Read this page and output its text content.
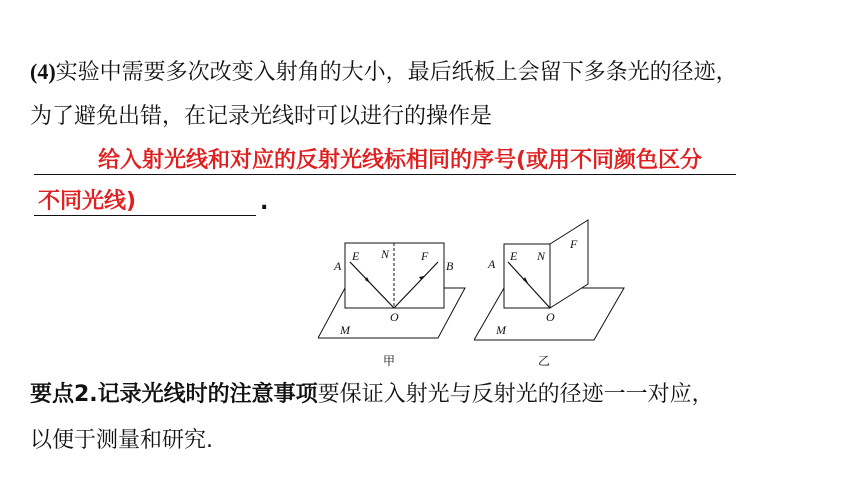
(4)实验中需要多次改变入射角的大小，最后纸板上会留下多条光的径迹，
为了避免出错，在记录光线时可以进行的操作是
给入射光线和对应的反射光线标相同的序号(或用不同颜色区分
不同光线)	.
A
E N	F
B
O
M
甲
A
E N
F
O
M
乙
要点2.记录光线时的注意事项要保证入射光与反射光的径迹一一对应，
以便于测量和研究.
